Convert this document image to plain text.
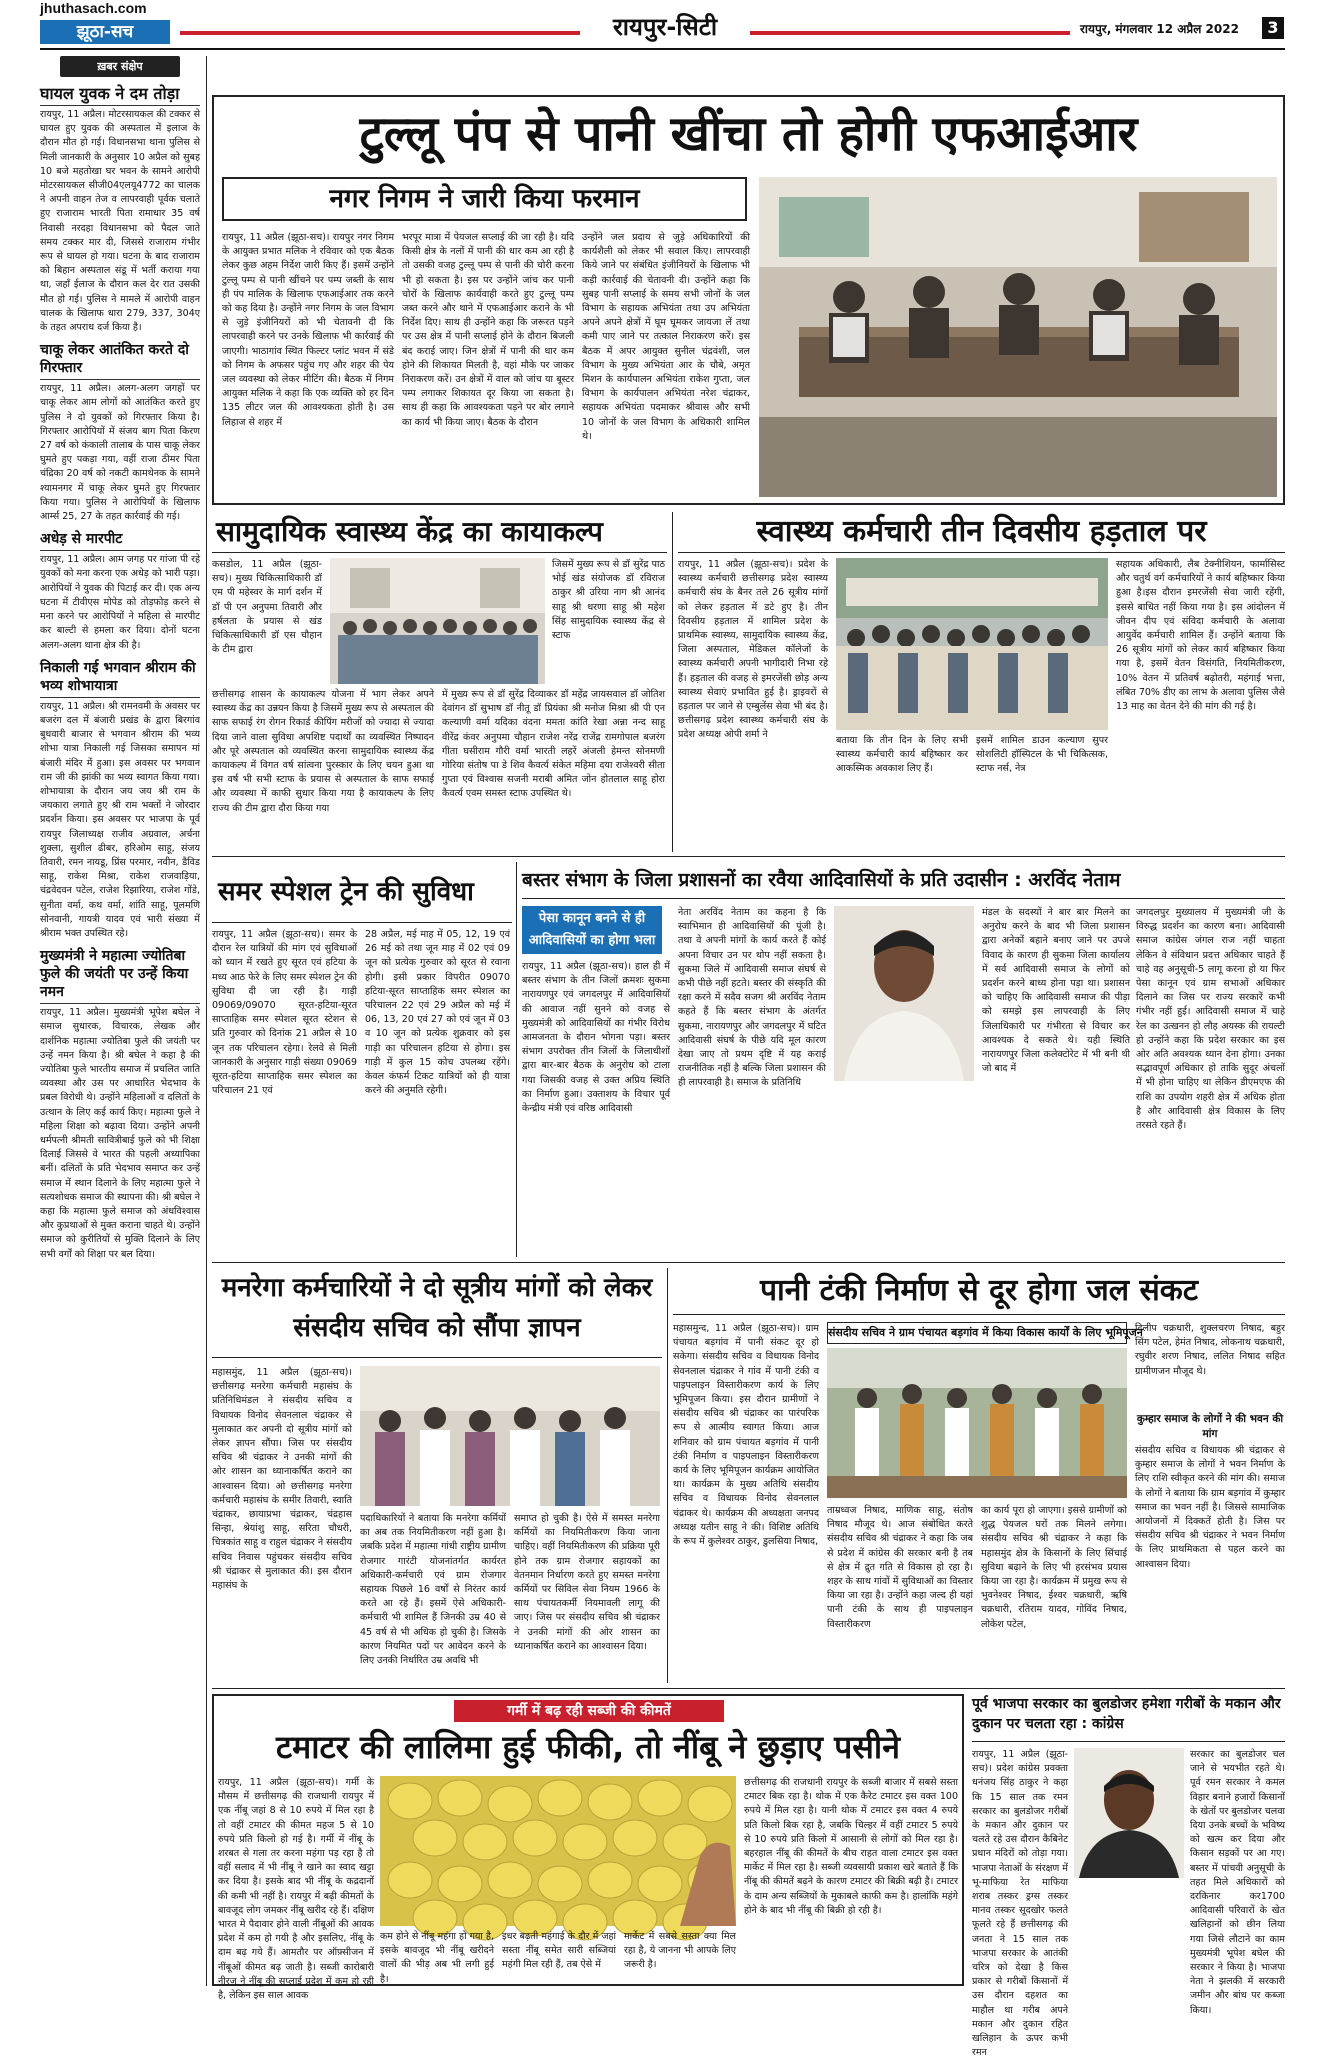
jhuthasach.com
झूठा-सच	रायपुर-सिटी	रायपुर, मंगलवार 12 अप्रैल 2022	3
ख़बर संक्षेप
घायल युवक ने दम तोड़ा

रायपुर, 11 अप्रैल। मोटरसायकल की टक्कर से घायल हुए युवक की अस्पताल में इलाज के दौरान मौत हो गई। विधानसभा थाना पुलिस से मिली जानकारी के अनुसार 10 अप्रैल को सुबह 10 बजे महतोखा घर भवन के सामने आरोपी मोटरसायकल सीजी04एलयू4772 का चालक ने अपनी वाहन तेज व लापरवाही पूर्वक चलाते हुए राजाराम भारती पिता रामाधार 35 वर्ष निवासी नरदहा विधानसभा को पैदल जाते समय टक्कर मार दी, जिससे राजाराम गंभीर रूप से घायल हो गया। घटना के बाद राजाराम को बिहान अस्पताल संडू में भर्ती कराया गया था, जहाँ ईलाज के दौरान कल देर रात उसकी मौत हो गई। पुलिस ने मामले में आरोपी वाहन चालक के खिलाफ धारा 279, 337, 304ए के तहत अपराध दर्ज किया है।

चाकू लेकर आतंकित करते दो गिरफ्तार

रायपुर, 11 अप्रैल। अलग-अलग जगहों पर चाकू लेकर आम लोगों को आतंकित करते हुए पुलिस ने दो युवकों को गिरफ्तार किया है। गिरफ्तार आरोपियों में संजय बाग पिता किरण 27 वर्ष को कंकाली तालाब के पास चाकू लेकर घुमते हुए पकड़ा गया, वहीं राजा ठीमर पिता चंद्रिका 20 वर्ष को नकटी कामथेनक के सामने श्यामनगर में चाकू लेकर घुमते हुए गिरफ्तार किया गया। पुलिस ने आरोपियों के खिलाफ आर्म्स 25, 27 के तहत कार्रवाई की गई।

अधेड़ से मारपीट

रायपुर, 11 अप्रैल। आम जगह पर गांजा पी रहे युवकों को मना करना एक अधेड़ को भारी पड़ा। आरोपियों ने युवक की पिटाई कर दी। एक अन्य घटना में टीवीएस मोपेड को तोड़फोड़ करने से मना करने पर आरोपियों ने महिला से मारपीट कर बाल्टी से हमला कर दिया। दोनों घटना अलग-अलग थाना क्षेत्र की है।

निकाली गई भगवान श्रीराम की भव्य शोभायात्रा

रायपुर, 11 अप्रैल। श्री रामनवमी के अवसर पर बजरंग दल में बंजारी प्रखंड के द्वारा बिरगांव बुधवारी बाजार से भगवान श्रीराम की भव्य शोभा यात्रा निकाली गई जिसका समापन मां बंजारी मंदिर में हुआ। इस अवसर पर भगवान राम जी की झांकी का भव्य स्वागत किया गया। शोभायात्रा के दौरान जय जय श्री राम के जयकारा लगाते हुए श्री राम भक्तों ने जोरदार प्रदर्शन किया। इस अवसर पर भाजपा के पूर्व रायपुर जिलाध्यक्ष राजीव अग्रवाल, अर्चना शुक्ला, सुशील ढीबर, हरिओम साहू, संजय तिवारी, रमन नायडू, प्रिंस परमार, नवीन, डैविड साहू, राकेश मिश्रा, राकेश राजवाड़िया, चंद्रवेदवन पटेल, राजेश रिझारिया, राजेश गोंडे, सुनीता वर्मा, कथ वर्मा, शांति साहू, पूलमणि सोनवानी, गायत्री यादव एवं भारी संख्या में श्रीराम भक्त उपस्थित रहे।

मुख्यमंत्री ने महात्मा ज्योतिबा फुले की जयंती पर उन्हें किया नमन

रायपुर, 11 अप्रैल। मुख्यमंत्री भूपेश बघेल ने समाज सुधारक, विचारक, लेखक और दार्शनिक महात्मा ज्योतिबा फुले की जयंती पर उन्हें नमन किया है। श्री बघेल ने कहा है की ज्योतिबा फुले भारतीय समाज में प्रचलित जाति व्यवस्था और उस पर आधारित भेदभाव के प्रबल विरोधी थे। उन्होंने महिलाओं व दलितों के उत्थान के लिए कई कार्य किए। महात्मा फुले ने महिला शिक्षा को बढ़ावा दिया। उन्होंने अपनी धर्मपत्नी श्रीमती सावित्रीबाई फुले को भी शिक्षा दिलाई जिससे वे भारत की पहली अध्यापिका बनीं। दलितों के प्रति भेदभाव समाप्त कर उन्हें समाज में स्थान दिलाने के लिए महात्मा फुले ने सत्यशोधक समाज की स्थापना की। श्री बघेल ने कहा कि महात्मा फुले समाज को अंधविश्वास और कुप्रथाओं से मुक्त कराना चाहते थे। उन्होंने समाज को कुरीतियों से मुक्ति दिलाने के लिए सभी वर्गों को शिक्षा पर बल दिया।

टुल्लू पंप से पानी खींचा तो होगी एफआईआर
नगर निगम ने जारी किया फरमान
रायपुर, 11 अप्रैल (झूठा-सच)। रायपुर नगर निगम के आयुक्त प्रभात मलिक ने रविवार को एक बैठक लेकर कुछ अहम निर्देश जारी किए हैं। इसमें उन्होंने टुल्लू पम्प से पानी खींचने पर पम्प जब्ती के साथ ही पंप मालिक के खिलाफ एफआईआर तक करने को कह दिया है। उन्होंने नगर निगम के जल विभाग से जुड़े इंजीनियरों को भी चेतावनी दी कि लापरवाही करने पर उनके खिलाफ भी कार्रवाई की जाएगी। भाठागांव स्थित फिल्टर प्लांट भवन में संडे को निगम के अफसर पहुंच गए और शहर की पेय जल व्यवस्था को लेकर मीटिंग की। बैठक में निगम आयुक्त मलिक ने कहा कि एक व्यक्ति को हर दिन 135 लीटर जल की आवश्यकता होती है। उस लिहाज से शहर में
भरपूर मात्रा में पेयजल सप्लाई की जा रही है। यदि किसी क्षेत्र के नलों में पानी की धार कम आ रही है तो उसकी वजह टुल्लू पम्प से पानी की चोरी करना भी हो सकता है। इस पर उन्होंने जांच कर पानी चोरों के खिलाफ कार्यवाही करते हुए टुल्लू पम्प जब्त करने और थाने में एफआईआर कराने के भी निर्देश दिए। साथ ही उन्होंने कहा कि जरूरत पड़ने पर उस क्षेत्र में पानी सप्लाई होने के दौरान बिजली बंद कराई जाए। जिन क्षेत्रों में पानी की धार कम होने की शिकायत मिलती है, वहां मौके पर जाकर निराकरण करें। उन क्षेत्रों में वाल को जांच या बूस्टर पम्प लगाकर शिकायत दूर किया जा सकता है। साथ ही कहा कि आवश्यकता पड़ने पर बोर लगाने का कार्य भी किया जाए। बैठक के दौरान
उन्होंने जल प्रदाय से जुड़े अधिकारियों की कार्यशैली को लेकर भी सवाल किए। लापरवाही किये जाने पर संबंधित इंजीनियरों के खिलाफ भी कड़ी कार्रवाई की चेतावनी दी। उन्होंने कहा कि सुबह पानी सप्लाई के समय सभी जोनों के जल विभाग के सहायक अभियंता तथा उप अभियंता अपने अपने क्षेत्रों में घूम घूमकर जायजा लें तथा कमी पाए जाने पर तत्काल निराकरण करें। इस बैठक में अपर आयुक्त सुनील चंद्रवंशी, जल विभाग के मुख्य अभियंता आर के चौबे, अमृत मिशन के कार्यपालन अभियंता राकेश गुप्ता, जल विभाग के कार्यपालन अभियंता नरेश चंद्राकर, सहायक अभियंता पदमाकर श्रीवास और सभी 10 जोनों के जल विभाग के अधिकारी शामिल थे।
सामुदायिक स्वास्थ्य केंद्र का कायाकल्प
कसडोल, 11 अप्रैल (झूठा-सच)। मुख्य चिकित्साधिकारी डॉ एम पी महेस्वर के मार्ग दर्शन में डॉ पी एन अनुपमा तिवारी और हर्षलता के प्रयास से खंड चिकित्साधिकारी डॉ एस चौहान के टीम द्वारा
जिसमें मुख्य रूप से डॉ सुरेंद्र पाठ भोई खंड संयोजक डॉ रविराज ठाकुर श्री उरिया नाग श्री आनंद साहू श्री धरणा साहू श्री महेश सिंह सामुदायिक स्वास्थ्य केंद्र से स्टाफ
छत्तीसगढ़ शासन के कायाकल्प योजना में भाग लेकर अपने स्वास्थ्य केंद्र का उन्नयन किया है जिसमें मुख्य रूप से अस्पताल की साफ सफाई रंग रोगन रिकार्ड कीपिंग मरीजों को ज्यादा से ज्यादा दिया जाने वाला सुविधा अपशिष्ट पदार्थों का व्यवस्थित निष्पादन और पूरे अस्पताल को व्यवस्थित करना सामुदायिक स्वास्थ्य केंद्र कायाकल्प में विगत वर्ष सांत्वना पुरस्कार के लिए चयन हुआ था इस वर्ष भी सभी स्टाफ के प्रयास से अस्पताल के साफ सफाई और व्यवस्था में काफी सुधार किया गया है कायाकल्प के लिए राज्य की टीम द्वारा दौरा किया गया
में मुख्य रूप से डॉ सुरेंद्र दिव्याकर डॉ महेंद्र जायसवाल डॉ जोतिश देवांगन डॉ सुभाष डॉ नीतू डॉ प्रियंका श्री मनोज मिश्रा श्री पी एन कल्याणी वर्मा यदिका वंदना ममता कांति रेखा अन्ना नन्द साहू वीरेंद्र कंवर अनुपमा चौहान राजेश नरेंद्र राजेंद्र रामगोपाल बजरंग गीता घसीराम गौरी वर्मा भारती लहरें अंजली हेमन्त सोनमणी गोरिया संतोष पा डे शिव कैवर्त्य संकेत महिमा दया राजेश्वरी सीता गुप्ता एवं विश्वास सजनी मराबी अमित जोन होतलाल साहू होरा कैवर्त्य एवम समस्त स्टाफ उपस्थित थे।
स्वास्थ्य कर्मचारी तीन दिवसीय हड़ताल पर
रायपुर, 11 अप्रैल (झूठा-सच)। प्रदेश के स्वास्थ्य कर्मचारी छत्तीसगढ़ प्रदेश स्वास्थ्य कर्मचारी संघ के बैनर तले 26 सूत्रीय मांगों को लेकर हड़ताल में डटे हुए है। तीन दिवसीय हड़ताल में शामिल प्रदेश के प्राथमिक स्वास्थ्य, सामुदायिक स्वास्थ्य केंद्र, जिला अस्पताल, मेडिकल कॉलेजों के स्वास्थ्य कर्मचारी अपनी भागीदारी निभा रहे हैं। हड़ताल की वजह से इमरजेंसी छोड़ अन्य स्वास्थ्य सेवाएं प्रभावित हुई है। ड्राइवरों से हड़ताल पर जाने से एम्बुलेंस सेवा भी बंद है। छत्तीसगढ़ प्रदेश स्वास्थ्य कर्मचारी संघ के प्रदेश अध्यक्ष ओपी शर्मा ने
सहायक अधिकारी, लैब टेक्नीशियन, फार्मासिस्ट और चतुर्थ वर्ग कर्मचारियों ने कार्य बहिष्कार किया हुआ है।इस दौरान इमरजेंसी सेवा जारी रहेंगी, इससे बाधित नहीं किया गया है। इस आंदोलन में जीवन दीप एवं संविदा कर्मचारी के अलावा आयुर्वेद कर्मचारी शामिल हैं। उन्होंने बताया कि 26 सूत्रीय मांगों को लेकर कार्य बहिष्कार किया गया है, इसमें वेतन विसंगति, नियमितीकरण, 10% वेतन में प्रतिवर्ष बढ़ोतरी, महंगाई भत्ता, लंबित 70% डीए का लाभ के अलावा पुलिस जैसे 13 माह का वेतन देने की मांग की गई है।
बताया कि तीन दिन के लिए सभी स्वास्थ्य कर्मचारी कार्य बहिष्कार कर आकस्मिक अवकाश लिए हैं।
इसमें शामिल डाउन कल्याण सुपर सोशलिटी हॉस्पिटल के भी चिकित्सक, स्टाफ नर्स, नेत्र
समर स्पेशल ट्रेन की सुविधा
रायपुर, 11 अप्रैल (झूठा-सच)। समर के दौरान रेल यात्रियों की मांग एवं सुविधाओं को ध्यान में रखते हुए सूरत एवं हटिया के मध्य आठ फेरे के लिए समर स्पेशल ट्रेन की सुविधा दी जा रही है। गाड़ी 09069/09070 सूरत-हटिया-सूरत साप्ताहिक समर स्पेशल सूरत स्टेशन से प्रति गुरुवार को दिनांक 21 अप्रैल से 10 जून तक परिचालन रहेगा। रेलवे से मिली जानकारी के अनुसार गाड़ी संख्या 09069 सूरत-हटिया साप्ताहिक समर स्पेशल का परिचालन 21 एवं
28 अप्रैल, मई माह में 05, 12, 19 एवं 26 मई को तथा जून माह में 02 एवं 09 जून को प्रत्येक गुरुवार को सूरत से रवाना होगी। इसी प्रकार विपरीत 09070 हटिया-सूरत साप्ताहिक समर स्पेशल का परिचालन 22 एवं 29 अप्रैल को मई में 06, 13, 20 एवं 27 को एवं जून में 03 व 10 जून को प्रत्येक शुक्रवार को इस गाड़ी का परिचालन हटिया से होगा। इस गाड़ी में कुल 15 कोच उपलब्ध रहेंगे। केवल कंफर्म टिकट यात्रियों को ही यात्रा करने की अनुमति रहेगी।
बस्तर संभाग के जिला प्रशासनों का रवैया आदिवासियों के प्रति उदासीन : अरविंद नेताम
पेसा कानून बनने से ही आदिवासियों का होगा भला
रायपुर, 11 अप्रैल (झूठा-सच)। हाल ही में बस्तर संभाग के तीन जिलों क्रमशः सुकमा नारायणपुर एवं जगदलपुर में आदिवासियों की आवाज नहीं सुनने को वजह से मुख्यमंत्री को आदिवासियों का गंभीर विरोध आमजनता के दौरान भोगना पड़ा। बस्तर संभाग उपरोक्त तीन जिलों के जिलाधीशों द्वारा बार-बार बैठक के अनुरोध को टाला गया जिसकी वजह से उक्त अप्रिय स्थिति का निर्माण हुआ। उक्ताशय के विचार पूर्व केन्द्रीय मंत्री एवं वरिष्ठ आदिवासी
नेता अरविंद नेताम का कहना है कि स्वाभिमान ही आदिवासियों की पूंजी है। तथा वे अपनी मांगों के कार्य करते हैं कोई अपना विचार उन पर थोप नहीं सकता है। सुकमा जिले में आदिवासी समाज संघर्ष से कभी पीछे नहीं हटते। बस्तर की संस्कृति की रक्षा करने में सदैव सजग श्री अरविंद नेताम कहते हैं कि बस्तर संभाग के अंतर्गत सुकमा, नारायणपुर और जगदलपुर में घटित आदिवासी संघर्ष के पीछे यदि मूल कारण देखा जाए तो प्रथम दृष्टि में यह कराई राजनीतिक नहीं है बल्कि जिला प्रशासन की ही लापरवाही है। समाज के प्रतिनिधि
मंडल के सदस्यों ने बार बार मिलने का अनुरोध करने के बाद भी जिला प्रशासन द्वारा अनेकों बहाने बनाए जाने पर उपजे विवाद के कारण ही सुकमा जिला कार्यालय में सर्व आदिवासी समाज के लोगों को प्रदर्शन करने बाध्य होना पड़ा था। प्रशासन को चाहिए कि आदिवासी समाज की पीड़ा को समझे इस लापरवाही के लिए जिलाधिकारी पर गंभीरता से विचार कर आवश्यक दे सकते थे। यही स्थिति नारायणपुर जिला कलेक्टोरेट में भी बनी थी जो बाद में
जगदलपुर मुख्यालय में मुख्यमंत्री जी के विरुद्ध प्रदर्शन का कारण बना। आदिवासी समाज कांग्रेस जंगल राज नहीं चाहता लेकिन वे संविधान प्रदत्त अधिकार चाहते हैं चाहे वह अनुसूची-5 लागू करना हो या फिर पेसा कानून एवं ग्राम सभाओं अधिकार दिलाने का जिस पर राज्य सरकारें कभी गंभीर नहीं हुई। आदिवासी समाज में चाहे रेल का उत्खनन हो लौह अयस्क की रायल्टी हो उन्होंने कहा कि प्रदेश सरकार का इस ओर अति अवश्यक ध्यान देना होगा। उनका सद्भावपूर्ण अधिकार हो ताकि सुदूर अंचलों में भी होना चाहिए था लेकिन डीएमएफ की राशि का उपयोग शहरी क्षेत्र में अधिक होता है और आदिवासी क्षेत्र विकास के लिए तरसते रहते हैं।
मनरेगा कर्मचारियों ने दो सूत्रीय मांगों को लेकर संसदीय सचिव को सौंपा ज्ञापन
महासमुंद, 11 अप्रैल (झूठा-सच)। छत्तीसगढ़ मनरेगा कर्मचारी महासंघ के प्रतिनिधिमंडल ने संसदीय सचिव व विधायक विनोद सेवनलाल चंद्राकर से मुलाकात कर अपनी दो सूत्रीय मांगों को लेकर ज्ञापन सौंपा। जिस पर संसदीय सचिव श्री चंद्राकर ने उनकी मांगों की ओर शासन का ध्यानाकर्षित कराने का आश्वासन दिया। ओ छत्तीसगढ़ मनरेगा कर्मचारी महासंघ के समीर तिवारी, स्वाति चंद्राकर, छायाप्रभा चंद्राकर, चंद्रहास सिन्हा, श्रेयांशु साहू, सरिता चौधरी, चित्रकांत साहू व राहुल चंद्राकर ने संसदीय सचिव निवास पहुंचकर संसदीय सचिव श्री चंद्राकर से मुलाकात की। इस दौरान महासंघ के
पदाधिकारियों ने बताया कि मनरेगा कर्मियों का अब तक नियमितीकरण नहीं हुआ है। जबकि प्रदेश में महात्मा गांधी राष्ट्रीय ग्रामीण रोजगार गारंटी योजनांतर्गत कार्यरत अधिकारी-कर्मचारी एवं ग्राम रोजगार सहायक पिछले 16 वर्षों से निरंतर कार्य करते आ रहे हैं। इसमें ऐसे अधिकारी-कर्मचारी भी शामिल हैं जिनकी उम्र 40 से 45 वर्ष से भी अधिक हो चुकी है। जिसके कारण नियमित पदों पर आवेदन करने के लिए उनकी निर्धारित उम्र अवधि भी
समाप्त हो चुकी है। ऐसे में समस्त मनरेगा कर्मियों का नियमितीकरण किया जाना चाहिए। वहीं नियमितीकरण की प्रक्रिया पूरी होने तक ग्राम रोजगार सहायकों का वेतनमान निर्धारण करते हुए समस्त मनरेगा कर्मियों पर सिविल सेवा नियम 1966 के साथ पंचायतकर्मी नियमावली लागू की जाए। जिस पर संसदीय सचिव श्री चंद्राकर ने उनकी मांगों की ओर शासन का ध्यानाकर्षित कराने का आश्वासन दिया।
पानी टंकी निर्माण से दूर होगा जल संकट
महासमुन्द, 11 अप्रैल (झूठा-सच)। ग्राम पंचायत बड़गांव में पानी संकट दूर हो सकेगा। संसदीय सचिव व विधायक विनोद सेवनलाल चंद्राकर ने गांव में पानी टंकी व पाइपलाइन विस्तारीकरण कार्य के लिए भूमिपूजन किया। इस दौरान ग्रामीणों ने संसदीय सचिव श्री चंद्राकर का पारंपरिक रूप से आत्मीय स्वागत किया। आज शनिवार को ग्राम पंचायत बड़गांव में पानी टंकी निर्माण व पाइपलाइन विस्तारीकरण कार्य के लिए भूमिपूजन कार्यक्रम आयोजित था। कार्यक्रम के मुख्य अतिथि संसदीय सचिव व विधायक विनोद सेवनलाल चंद्राकर थे। कार्यक्रम की अध्यक्षता जनपद अध्यक्ष यतीन साहू ने की। विशिष्ट अतिथि के रूप में कुलेश्वर ठाकुर, डुलसिया निषाद,
संसदीय सचिव ने ग्राम पंचायत बड़गांव में किया विकास कार्यों के लिए भूमिपूजन
ताम्रध्वज निषाद, माणिक साहू, संतोष निषाद मौजूद थे। आज संबोधित करते संसदीय सचिव श्री चंद्राकर ने कहा कि जब से प्रदेश में कांग्रेस की सरकार बनी है तब से क्षेत्र में द्रुत गति से विकास हो रहा है। शहर के साथ गांवों में सुविधाओं का विस्तार किया जा रहा है। उन्होंने कहा जल्द ही यहां पानी टंकी के साथ ही पाइपलाइन विस्तारीकरण
का कार्य पूरा हो जाएगा। इससे ग्रामीणों को शुद्ध पेयजल घरों तक मिलने लगेगा। संसदीय सचिव श्री चंद्राकर ने कहा कि महासमुंद क्षेत्र के किसानों के लिए सिंचाई सुविधा बढ़ाने के लिए भी हरसंभव प्रयास किया जा रहा है। कार्यक्रम में प्रमुख रूप से भुवनेश्वर निषाद, ईश्वर चक्रधारी, ऋषि चक्रधारी, रतिराम यादव, गोविंद निषाद, लोकेश पटेल,
दिलीप चक्रधारी, शुक्लचरण निषाद, बहुर सिंग पटेल, हेमंत निषाद, लोकनाथ चक्रधारी, रघुवीर शरण निषाद, ललित निषाद सहित ग्रामीणजन मौजूद थे।
कुम्हार समाज के लोगों ने की भवन की मांग
संसदीय सचिव व विधायक श्री चंद्राकर से कुम्हार समाज के लोगों ने भवन निर्माण के लिए राशि स्वीकृत करने की मांग की। समाज के लोगों ने बताया कि ग्राम बड़गांव में कुम्हार समाज का भवन नहीं है। जिससे सामाजिक आयोजनों में दिक्कतें होती है। जिस पर संसदीय सचिव श्री चंद्राकर ने भवन निर्माण के लिए प्राथमिकता से पहल करने का आश्वासन दिया।
गर्मी में बढ़ रही सब्जी की कीमतें
टमाटर की लालिमा हुई फीकी, तो नींबू ने छुड़ाए पसीने
रायपुर, 11 अप्रैल (झूठा-सच)। गर्मी के मौसम में छत्तीसगढ़ की राजधानी रायपुर में एक नींबू जहां 8 से 10 रुपये में मिल रहा है तो वहीं टमाटर की कीमत महज 5 से 10 रुपये प्रति किलो हो गई है। गर्मी में नींबू के शरबत से गला तर करना महंगा पड़ रहा है तो वहीं सलाद में भी नींबू ने खाने का स्वाद खट्टा कर दिया है। इसके बाद भी नींबू के कद्रदानों की कमी भी नहीं है। रायपुर में बढ़ी कीमतों के बावजूद लोग जमकर नींबू खरीद रहे हैं। दक्षिण भारत मे पैदावार होने वाली नींबूओं की आवक प्रदेश में कम हो गयी है और इसलिए, नींबू के दाम बढ़ गये हैं। आमतौर पर ऑफ़्सीजन में नींबूओं कीमत बढ़ जाती है। सब्जी कारोबारी नीरज ने नींबू की सप्लाई प्रदेश में कम हो रही है, लेकिन इस साल आवक
कम होने से नींबू महंगा हो गया है, इसके बावजूद भी नींबू खरीदने वालों की भीड़ अब भी लगी हुई है।
इधर बढ़ती महंगाई के दौर में जहां सस्ता नींबू समेत सारी सब्जियां महंगी मिल रही हैं, तब ऐसे में
मार्केट में सबसे सस्ता क्या मिल रहा है, ये जानना भी आपके लिए जरूरी है।
छत्तीसगढ़ की राजधानी रायपुर के सब्जी बाजार में सबसे सस्ता टमाटर बिक रहा है। थोक में एक कैरेट टमाटर इस वक्त 100 रुपये में मिल रहा है। यानी थोक में टमाटर इस वक्त 4 रुपये प्रति किलो बिक रहा है, जबकि चिल्हर में वहीं टमाटर 5 रुपये से 10 रुपये प्रति किलो में आसानी से लोगों को मिल रहा है। बहरहाल नींबू की कीमतें के बीच राहत वाला टमाटर इस वक्त मार्केट में मिल रहा है। सब्जी व्यवसायी प्रकाश खरे बताते हैं कि नींबू की कीमतें बढ़ने के कारण टमाटर की बिक्री बढ़ी है। टमाटर के दाम अन्य सब्जियों के मुकाबले काफी कम है। हालांकि महंगे होने के बाद भी नींबू की बिक्री हो रही है।
पूर्व भाजपा सरकार का बुलडोजर हमेशा गरीबों के मकान और दुकान पर चलता रहा : कांग्रेस
रायपुर, 11 अप्रैल (झूठा-सच)। प्रदेश कांग्रेस प्रवक्ता धनंजय सिंह ठाकुर ने कहा कि 15 साल तक रमन सरकार का बुलडोजर गरीबों के मकान और दुकान पर चलते रहे उस दौरान कैबिनेट प्रधान मंदिरों को तोड़ा गया। भाजपा नेताओं के संरक्षण में भू-माफिया रेत माफिया शराब तस्कर ड्रग्स तस्कर मानव तस्कर सूदखोर फलते फूलते रहे हैं छत्तीसगढ़ की जनता ने 15 साल तक भाजपा सरकार के आतंकी चरित्र को देखा है किस प्रकार से गरीबों किसानों में उस दौरान दहशत का माहौल था गरीब अपने मकान और दुकान रहित खलिहान के ऊपर कभी रमन
सरकार का बुलडोजर चल जाने से भयभीत रहते थे। पूर्व रमन सरकार ने कमल विहार बनाने हजारों किसानों के खेतों पर बुलडोजर चलवा दिया उनके बच्चों के भविष्य को खत्म कर दिया और किसान सड़कों पर आ गए। बस्तर में पांचवी अनुसूची के तहत मिले अधिकारों को दरकिनार कर1700 आदिवासी परिवारों के खेत खलिहानों को छीन लिया गया जिसे लौटाने का काम मुख्यमंत्री भूपेश बघेल की सरकार ने किया है। भाजपा नेता ने झलकी में सरकारी जमीन और बांध पर कब्जा किया।
